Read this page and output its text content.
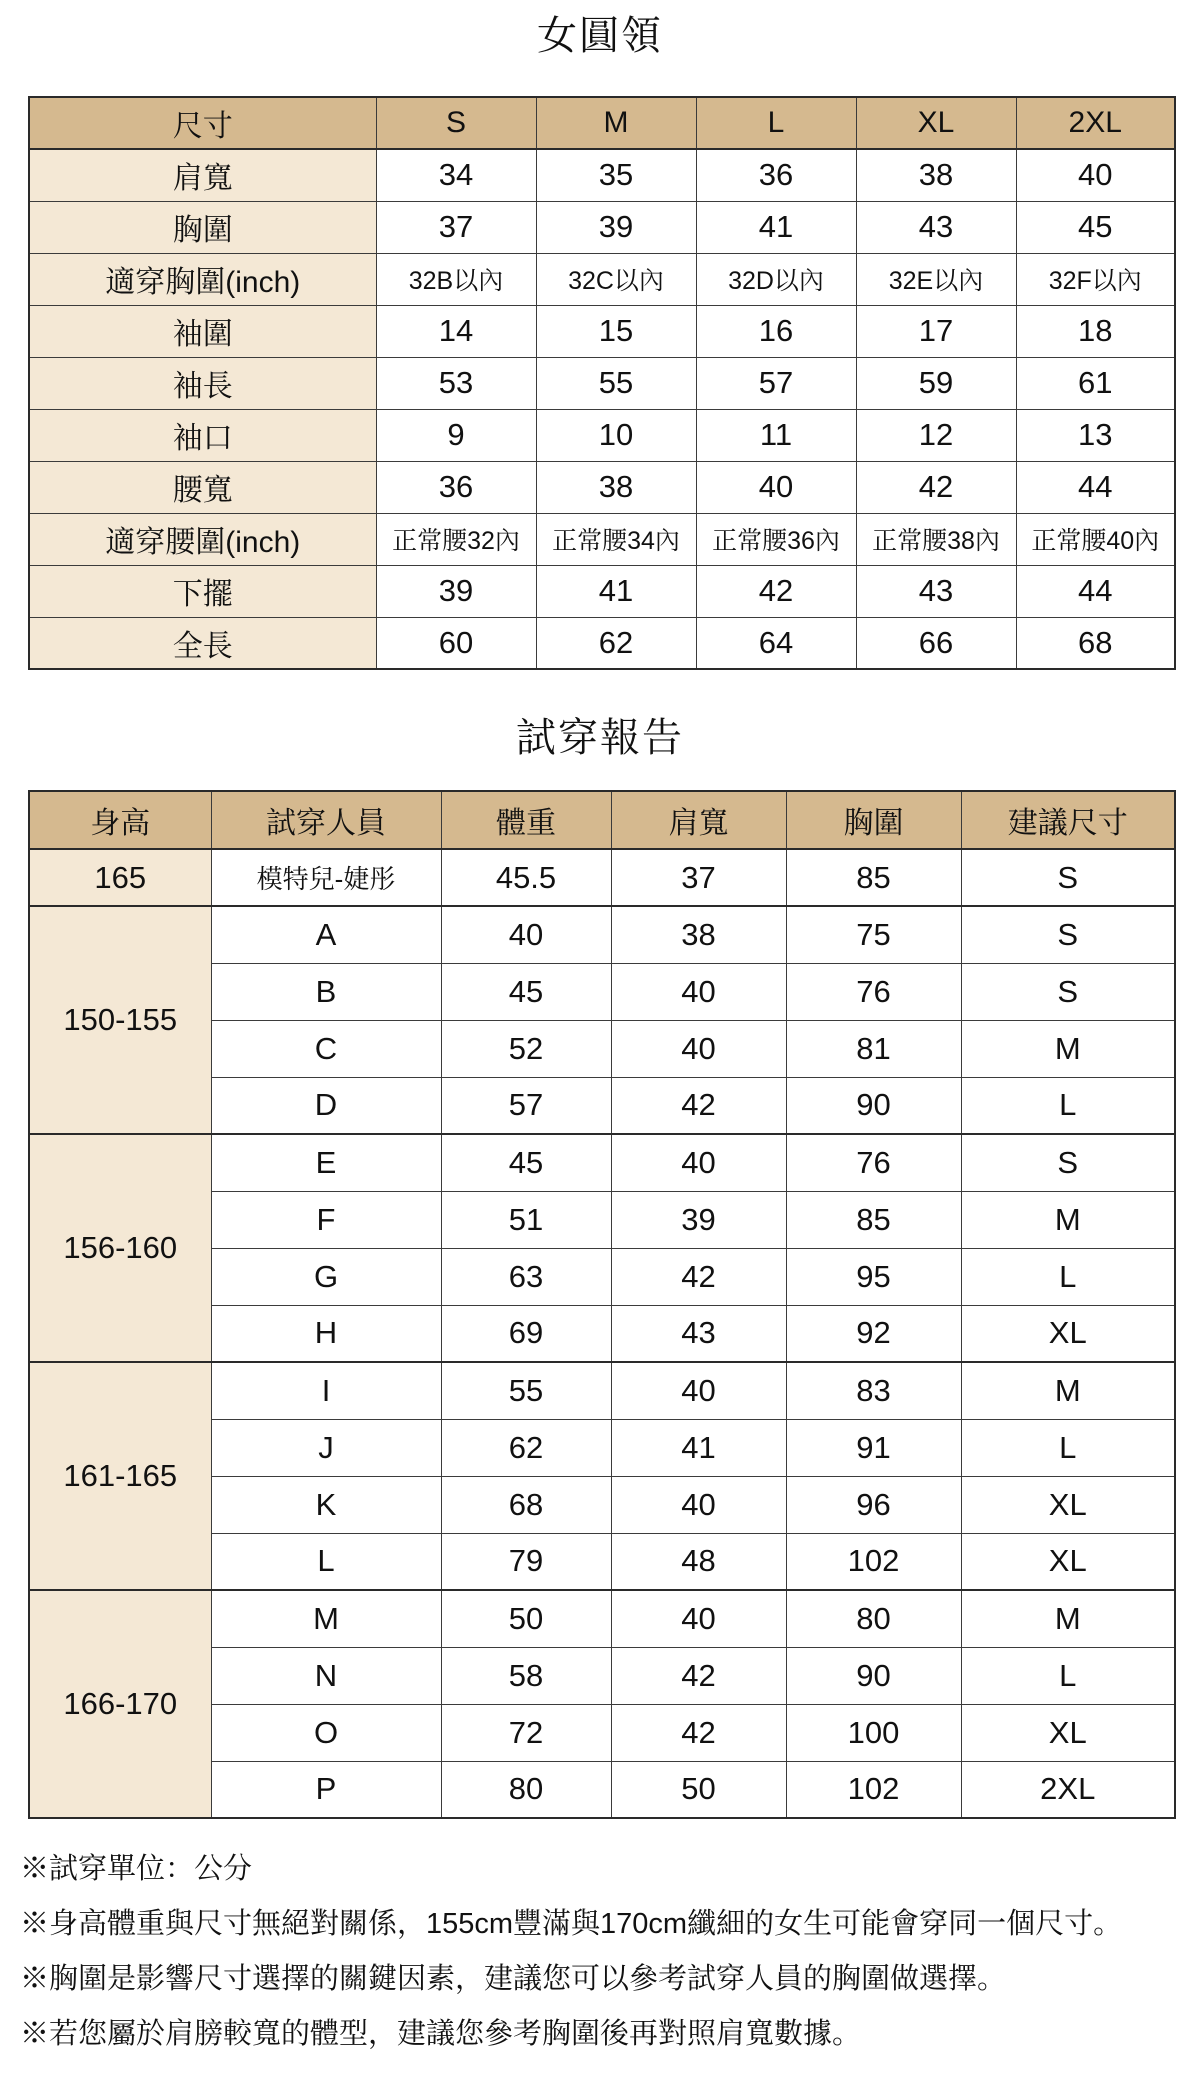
女圓領
尺寸	S	M	L	XL	2XL
肩寬	34	35	36	38	40
胸圍	37	39	41	43	45
適穿胸圍(inch)	32B以內	32C以內	32D以內	32E以內	32F以內
袖圍	14	15	16	17	18
袖長	53	55	57	59	61
袖口	9	10	11	12	13
腰寬	36	38	40	42	44
適穿腰圍(inch)	正常腰32內	正常腰34內	正常腰36內	正常腰38內	正常腰40內
下擺	39	41	42	43	44
全長	60	62	64	66	68
試穿報告
身高	試穿人員	體重	肩寬	胸圍	建議尺寸
165	模特兒-婕彤	45.5	37	85	S
150-155	A	40	38	75	S
	B	45	40	76	S
	C	52	40	81	M
	D	57	42	90	L
156-160	E	45	40	76	S
	F	51	39	85	M
	G	63	42	95	L
	H	69	43	92	XL
161-165	I	55	40	83	M
	J	62	41	91	L
	K	68	40	96	XL
	L	79	48	102	XL
166-170	M	50	40	80	M
	N	58	42	90	L
	O	72	42	100	XL
	P	80	50	102	2XL
※試穿單位：公分
※身高體重與尺寸無絕對關係，155cm豐滿與170cm纖細的女生可能會穿同一個尺寸。
※胸圍是影響尺寸選擇的關鍵因素，建議您可以參考試穿人員的胸圍做選擇。
※若您屬於肩膀較寬的體型，建議您參考胸圍後再對照肩寬數據。
